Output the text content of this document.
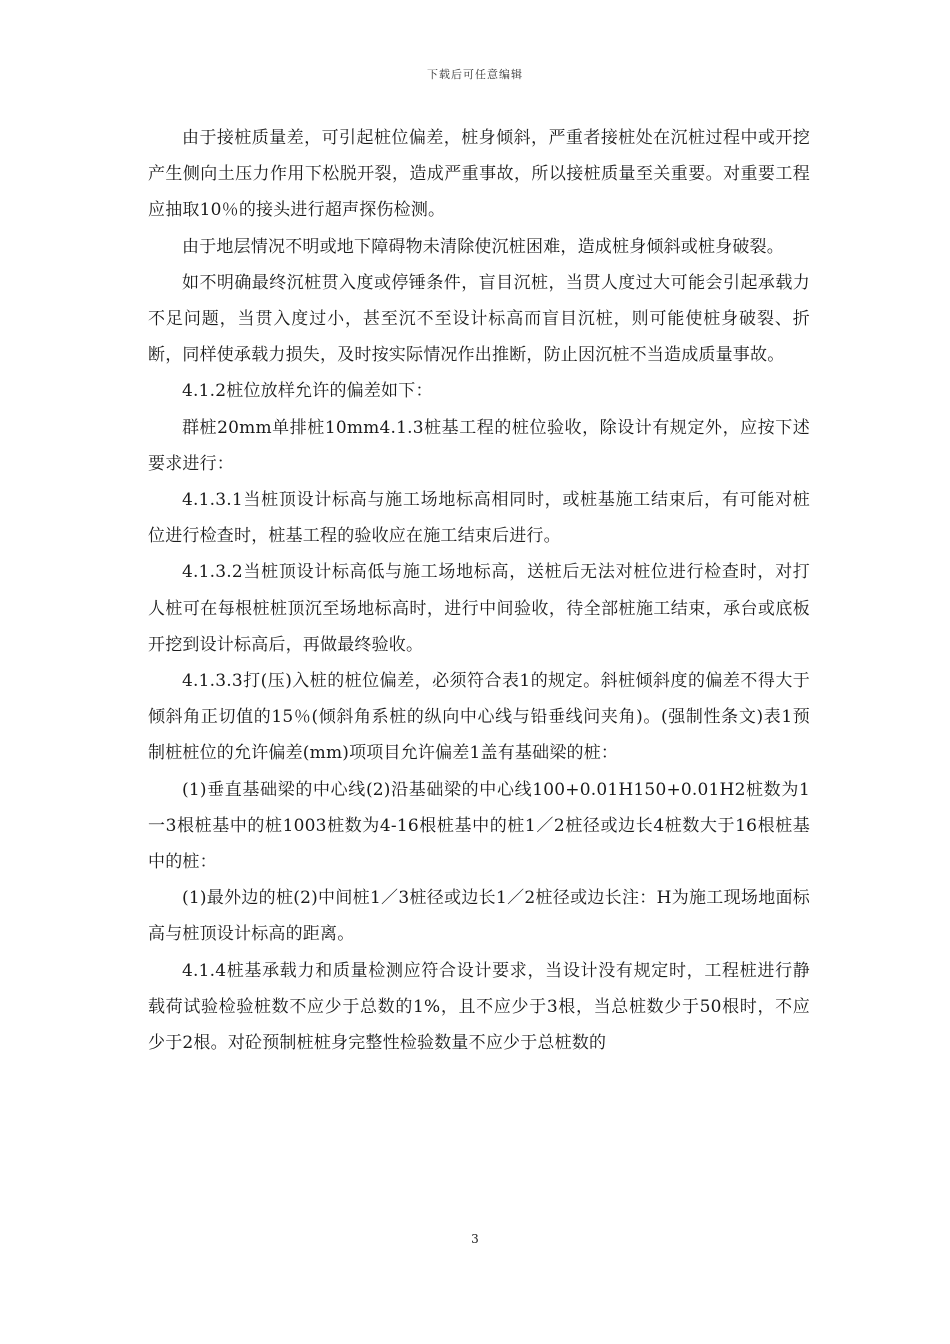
下载后可任意编辑

由于接桩质量差，可引起桩位偏差，桩身倾斜，严重者接桩处在沉桩过程中或开挖产生侧向土压力作用下松脱开裂，造成严重事故，所以接桩质量至关重要。对重要工程应抽取10％的接头进行超声探伤检测。

由于地层情况不明或地下障碍物未清除使沉桩困难，造成桩身倾斜或桩身破裂。

如不明确最终沉桩贯入度或停锤条件，盲目沉桩，当贯人度过大可能会引起承载力不足问题，当贯入度过小，甚至沉不至设计标高而盲目沉桩，则可能使桩身破裂、折断，同样使承载力损失，及时按实际情况作出推断，防止因沉桩不当造成质量事故。

4.1.2桩位放样允许的偏差如下：

群桩20mm单排桩10mm4.1.3桩基工程的桩位验收，除设计有规定外，应按下述要求进行：

4.1.3.1当桩顶设计标高与施工场地标高相同时，或桩基施工结束后，有可能对桩位进行检查时，桩基工程的验收应在施工结束后进行。

4.1.3.2当桩顶设计标高低与施工场地标高，送桩后无法对桩位进行检查时，对打人桩可在每根桩桩顶沉至场地标高时，进行中间验收，待全部桩施工结束，承台或底板开挖到设计标高后，再做最终验收。

4.1.3.3打(压)入桩的桩位偏差，必须符合表1的规定。斜桩倾斜度的偏差不得大于倾斜角正切值的15％(倾斜角系桩的纵向中心线与铅垂线问夹角)。(强制性条文)表1预制桩桩位的允许偏差(mm)项项目允许偏差1盖有基础梁的桩：

(1)垂直基础梁的中心线(2)沿基础梁的中心线100+0.01H150+0.01H2桩数为1一3根桩基中的桩1003桩数为4-16根桩基中的桩1／2桩径或边长4桩数大于16根桩基中的桩：

(1)最外边的桩(2)中间桩1／3桩径或边长1／2桩径或边长注：H为施工现场地面标高与桩顶设计标高的距离。

4.1.4桩基承载力和质量检测应符合设计要求，当设计没有规定时，工程桩进行静载荷试验检验桩数不应少于总数的1%，且不应少于3根，当总桩数少于50根时，不应少于2根。对砼预制桩桩身完整性检验数量不应少于总桩数的

3
